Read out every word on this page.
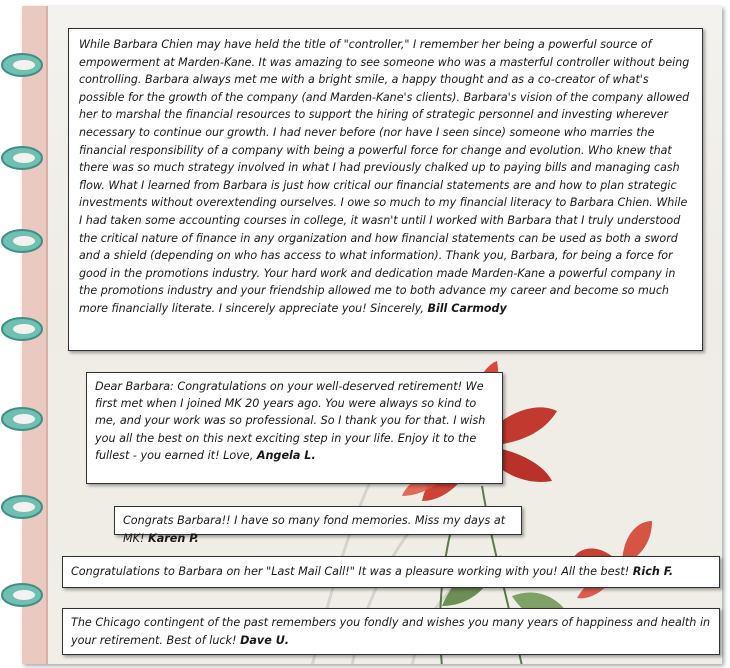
While Barbara Chien may have held the title of "controller," I remember her being a powerful source of empowerment at Marden-Kane. It was amazing to see someone who was a masterful controller without being controlling. Barbara always met me with a bright smile, a happy thought and as a co-creator of what's possible for the growth of the company (and Marden-Kane's clients). Barbara's vision of the company allowed her to marshal the financial resources to support the hiring of strategic personnel and investing wherever necessary to continue our growth. I had never before (nor have I seen since) someone who marries the financial responsibility of a company with being a powerful force for change and evolution. Who knew that there was so much strategy involved in what I had previously chalked up to paying bills and managing cash flow. What I learned from Barbara is just how critical our financial statements are and how to plan strategic investments without overextending ourselves. I owe so much to my financial literacy to Barbara Chien. While I had taken some accounting courses in college, it wasn't until I worked with Barbara that I truly understood the critical nature of finance in any organization and how financial statements can be used as both a sword and a shield (depending on who has access to what information). Thank you, Barbara, for being a force for good in the promotions industry. Your hard work and dedication made Marden-Kane a powerful company in the promotions industry and your friendship allowed me to both advance my career and become so much more financially literate. I sincerely appreciate you! Sincerely, Bill Carmody
Dear Barbara: Congratulations on your well-deserved retirement! We first met when I joined MK 20 years ago. You were always so kind to me, and your work was so professional. So I thank you for that. I wish you all the best on this next exciting step in your life. Enjoy it to the fullest - you earned it! Love, Angela L.
Congrats Barbara!! I have so many fond memories. Miss my days at MK! Karen P.
Congratulations to Barbara on her "Last Mail Call!" It was a pleasure working with you! All the best! Rich F.
The Chicago contingent of the past remembers you fondly and wishes you many years of happiness and health in your retirement. Best of luck! Dave U.
